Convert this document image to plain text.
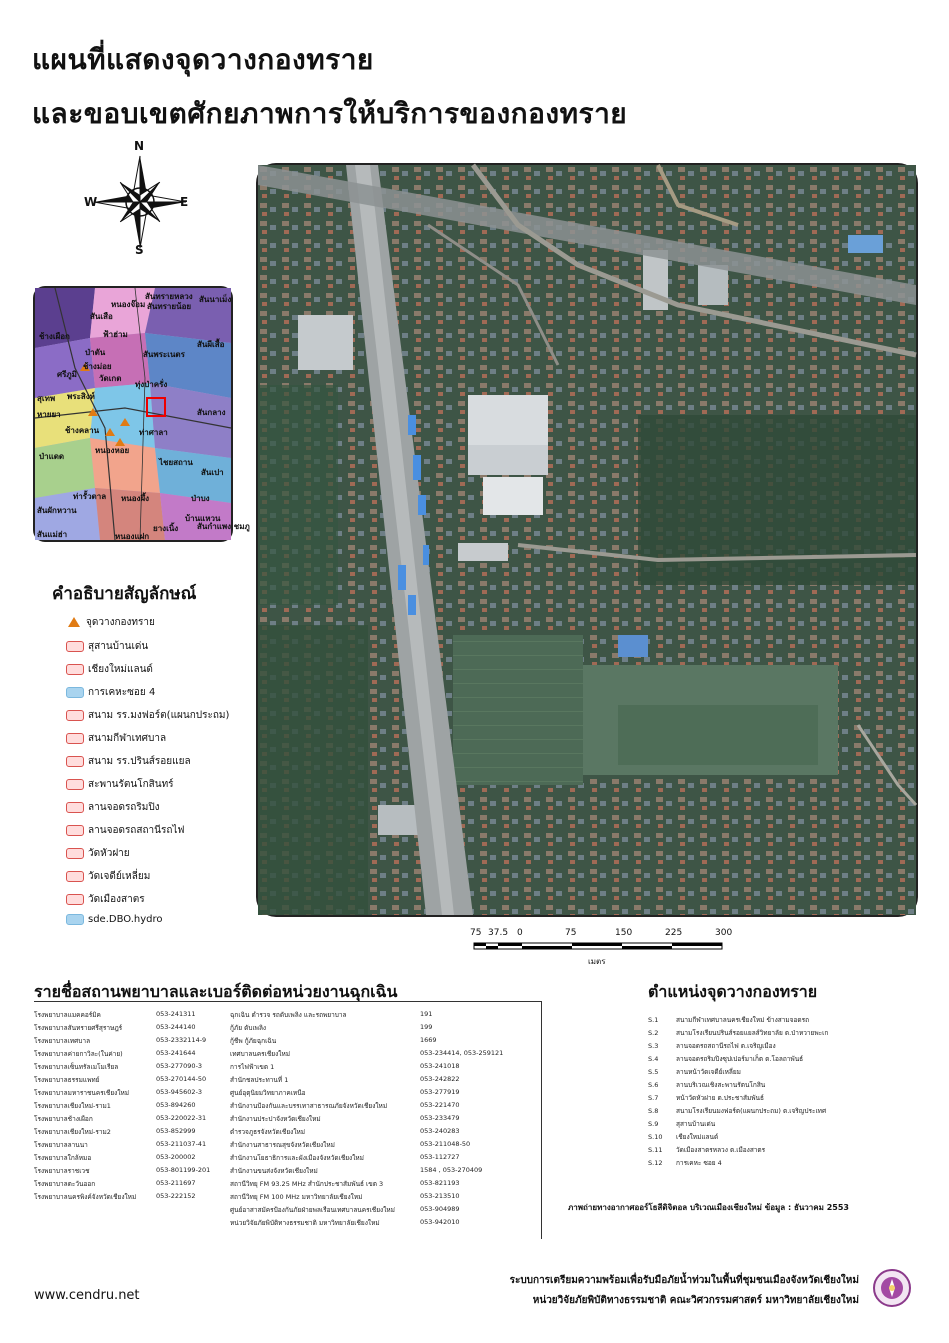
แผนที่แสดงจุดวางกองทราย
และขอบเขตศักยภาพการให้บริการของกองทราย
N
S
E
W
หนองจ๊อม
สันทรายหลวง
สันทรายน้อย
สันนาเม็ง
สันเสือ
ฟ้าฮ่าม
ช้างเผือก
สันพระเนตร
สันผีเสื้อ
ป่าตัน
ช้างม่อย
ศรีภูมิ	วัดเกต
ทุ่งป่าครั่ง
พระสิงห์
สุเทพ
หายยา	สันกลาง
ช้างคลาน	ท่าศาลา
หนองหอย
ป่าแดด
ไชยสถาน
สันเปา
ท่ารั้วตาล หนองผึ้ง	ป่าบง
สันผักหวาน
ยางเนิ้ง
บ้านแหวน
หนองแฝก
สันกำแพง ชมภู
สันแม่ฮ่า
คำอธิบายสัญลักษณ์
จุดวางกองทราย
สุสานบ้านเด่น
เชียงใหม่แลนด์
การเคหะซอย 4
สนาม รร.มงฟอร์ต(แผนกประถม)
สนามกีฬาเทศบาล
สนาม รร.ปรินส์รอยแยล
สะพานรัตนโกสินทร์
ลานจอดรถริมปิง
ลานจอดรถสถานีรถไฟ
วัดหัวฝาย
วัดเจดีย์เหลี่ยม
วัดเมืองสาตร
sde.DBO.hydro
75 37.5 0	75	150	225	300
เมตร
รายชื่อสถานพยาบาลและเบอร์ติดต่อหน่วยงานฉุกเฉิน
โรงพยาบาลแมคคอร์มิค	053-241311
โรงพยาบาลสันทรายศรีสุราษฎร์	053-244140
โรงพยาบาลเทศบาล	053-2332114-9
โรงพยาบาลค่ายกาวิละ(ในค่าย)	053-241644
โรงพยาบาลเซ็นทรัลเมโมเรียล	053-277090-3
โรงพยาบาลธรรมแพทย์	053-270144-50
โรงพยาบาลมหาราชนครเชียงใหม่	053-945602-3
โรงพยาบาลเชียงใหม่-ราม1	053-894260
โรงพยาบาลช้างเผือก	053-220022-31
โรงพยาบาลเชียงใหม่-ราม2	053-852999
โรงพยาบาลลานนา	053-211037-41
โรงพยาบาลใกล้หมอ	053-200002
โรงพยาบาลราชเวช	053-801199-201
โรงพยาบาลตะวันออก	053-211697
โรงพยาบาลนครพิงค์จังหวัดเชียงใหม่	053-222152
ฉุกเฉิน ตำรวจ รถดับเพลิง และรถพยาบาล	191
กู้ภัย ดับเพลิง	199
กู้ชีพ กู้ภัยฉุกเฉิน	1669
เทศบาลนครเชียงใหม่	053-234414, 053-259121
การไฟฟ้าเขต 1	053-241018
สำนักชลประทานที่ 1	053-242822
ศูนย์อุตุนิยมวิทยาภาคเหนือ	053-277919
สำนักงานป้องกันและบรรเทาสาธารณภัยจังหวัดเชียงใหม่	053-221470
สำนักงานประปาจังหวัดเชียงใหม่	053-233479
ตำรวจภูธรจังหวัดเชียงใหม่	053-240283
สำนักงานสาธารณสุขจังหวัดเชียงใหม่	053-211048-50
สำนักงานโยธาธิการและผังเมืองจังหวัดเชียงใหม่	053-112727
สำนักงานขนส่งจังหวัดเชียงใหม่	1584 , 053-270409
สถานีวิทยุ FM 93.25 MHz สำนักประชาสัมพันธ์ เขต 3	053-821193
สถานีวิทยุ FM 100 MHz มหาวิทยาลัยเชียงใหม่	053-213510
ศูนย์อาสาสมัครป้องกันภัยฝ่ายพลเรือนเทศบาลนครเชียงใหม่	053-904989
หน่วยวิจัยภัยพิบัติทางธรรมชาติ มหาวิทยาลัยเชียงใหม่	053-942010
ตำแหน่งจุดวางกองทราย
S.1	สนามกีฬาเทศบาลนครเชียงใหม่ ข้างสามจอดรถ
S.2	สนามโรงเรียนปรินส์รอยแยลส์วิทยาลัย ต.ป่าหวายพะเก
S.3	ลานจอดรถสถานีรถไฟ ต.เจริญเมือง
S.4	ลานจอดรถริมปิงซุปเปอร์มาเก็ต ต.โอลถาพันธ์
S.5	ลานหน้าวัดเจดีย์เหลี่ยม
S.6	ลานบริเวณเชิงสะพานรัตนโกสิน
S.7	หน้าวัดหัวฝาย ต.ประชาสัมพันธ์
S.8	สนามโรงเรียนมงฟอร์ต(แผนกประถม) ต.เจริญประเทศ
S.9	สุสานบ้านเด่น
S.10 เชียงใหม่แลนด์
S.11 วัดเมืองสาตรหลวง ต.เมืองสาตร
S.12 การเคหะ ซอย 4
ภาพถ่ายทางอากาศออร์โธสีดิจิตอล บริเวณเมืองเชียงใหม่ ข้อมูล : ธันวาคม 2553
www.cendru.net
ระบบการเตรียมความพร้อมเพื่อรับมือภัยน้ำท่วมในพื้นที่ชุมชนเมืองจังหวัดเชียงใหม่
หน่วยวิจัยภัยพิบัติทางธรรมชาติ คณะวิศวกรรมศาสตร์ มหาวิทยาลัยเชียงใหม่
